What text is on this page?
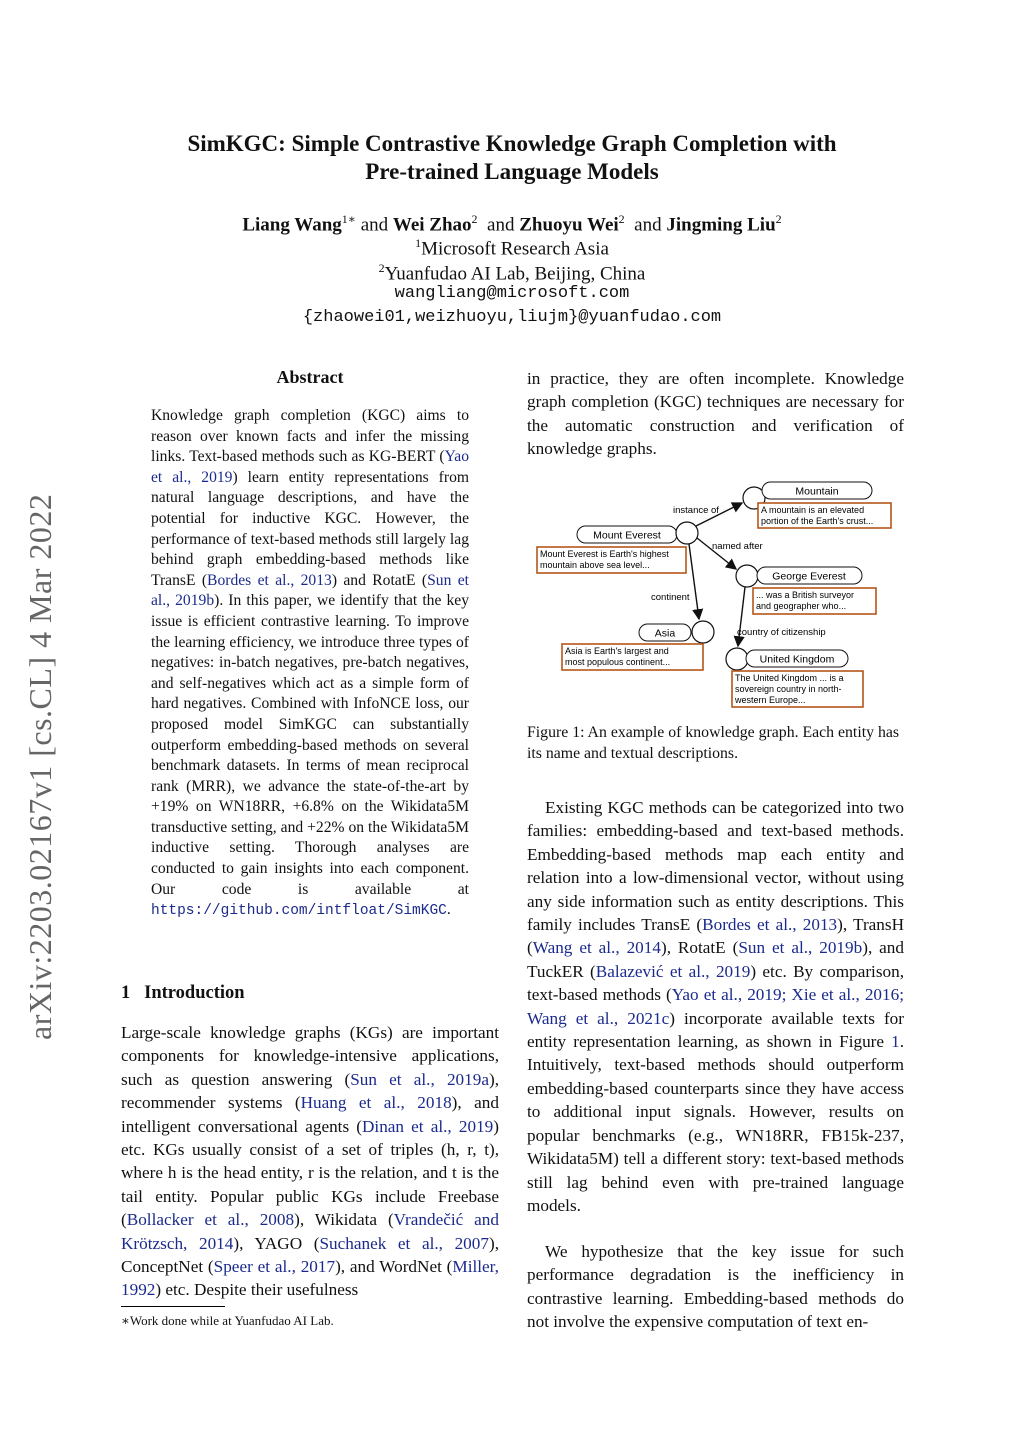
arXiv:2203.02167v1 [cs.CL] 4 Mar 2022
SimKGC: Simple Contrastive Knowledge Graph Completion with
Pre-trained Language Models
Liang Wang$^{1∗}$ and Wei Zhao$^2$ and Zhuoyu Wei$^2$ and Jingming Liu$^2$
$^1$Microsoft Research Asia
$^2$Yuanfudao AI Lab, Beijing, China
wangliang@microsoft.com
{zhaowei01,weizhuoyu,liujm}@yuanfudao.com
Abstract
Knowledge graph completion (KGC) aims to reason over known facts and infer the missing links. Text-based methods such as KG-BERT (Yao et al., 2019) learn entity representations from natural language descriptions, and have the potential for inductive KGC. However, the performance of text-based methods still largely lag behind graph embedding-based methods like TransE (Bordes et al., 2013) and RotatE (Sun et al., 2019b). In this paper, we identify that the key issue is efficient contrastive learning. To improve the learning efficiency, we introduce three types of negatives: in-batch negatives, pre-batch negatives, and self-negatives which act as a simple form of hard negatives. Combined with InfoNCE loss, our proposed model SimKGC can substantially outperform embedding-based methods on several benchmark datasets. In terms of mean reciprocal rank (MRR), we advance the state-of-the-art by +19% on WN18RR, +6.8% on the Wikidata5M transductive setting, and +22% on the Wikidata5M inductive setting. Thorough analyses are conducted to gain insights into each component. Our code is available at https://github.com/intfloat/SimKGC.
1 Introduction
Large-scale knowledge graphs (KGs) are important components for knowledge-intensive applications, such as question answering (Sun et al., 2019a), recommender systems (Huang et al., 2018), and intelligent conversational agents (Dinan et al., 2019) etc. KGs usually consist of a set of triples (h, r, t), where h is the head entity, r is the relation, and t is the tail entity. Popular public KGs include Freebase (Bollacker et al., 2008), Wikidata (Vrandečić and Krötzsch, 2014), YAGO (Suchanek et al., 2007), ConceptNet (Speer et al., 2017), and WordNet (Miller, 1992) etc. Despite their usefulness
∗Work done while at Yuanfudao AI Lab.
in practice, they are often incomplete. Knowledge graph completion (KGC) techniques are necessary for the automatic construction and verification of knowledge graphs.
Mountain
A mountain is an elevated
portion of the Earth's crust...
Mount Everest
Mount Everest is Earth's highest
mountain above sea level...
George Everest
... was a British surveyor
and geographer who...
Asia
Asia is Earth's largest and
most populous continent...	United Kingdom
The United Kingdom ... is a
sovereign country in north-
western Europe...
instance of
named after
continent
country of citizenship
Figure 1: An example of knowledge graph. Each entity has its name and textual descriptions.
Existing KGC methods can be categorized into two families: embedding-based and text-based methods. Embedding-based methods map each entity and relation into a low-dimensional vector, without using any side information such as entity descriptions. This family includes TransE (Bordes et al., 2013), TransH (Wang et al., 2014), RotatE (Sun et al., 2019b), and TuckER (Balazević et al., 2019) etc. By comparison, text-based methods (Yao et al., 2019; Xie et al., 2016; Wang et al., 2021c) incorporate available texts for entity representation learning, as shown in Figure 1. Intuitively, text-based methods should outperform embedding-based counterparts since they have access to additional input signals. However, results on popular benchmarks (e.g., WN18RR, FB15k-237, Wikidata5M) tell a different story: text-based methods still lag behind even with pre-trained language models.
We hypothesize that the key issue for such performance degradation is the inefficiency in contrastive learning. Embedding-based methods do not involve the expensive computation of text en-
